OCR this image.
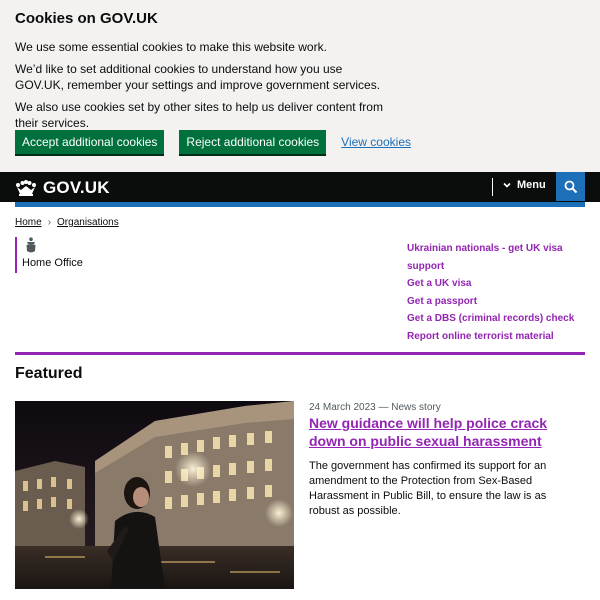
Cookies on GOV.UK

We use some essential cookies to make this website work.

We’d like to set additional cookies to understand how you use GOV.UK, remember your settings and improve government services.

We also use cookies set by other sites to help us deliver content from their services.

Accept additional cookies	Reject additional cookies	View cookies
GOV.UK	Menu
Home › Organisations
Home Office
Ukrainian nationals - get UK visa support
Get a UK visa
Get a passport
Get a DBS (criminal records) check
Report online terrorist material
Featured
24 March 2023 — News story
New guidance will help police crack down on public sexual harassment

The government has confirmed its support for an amendment to the Protection from Sex-Based Harassment in Public Bill, to ensure the law is as robust as possible.
